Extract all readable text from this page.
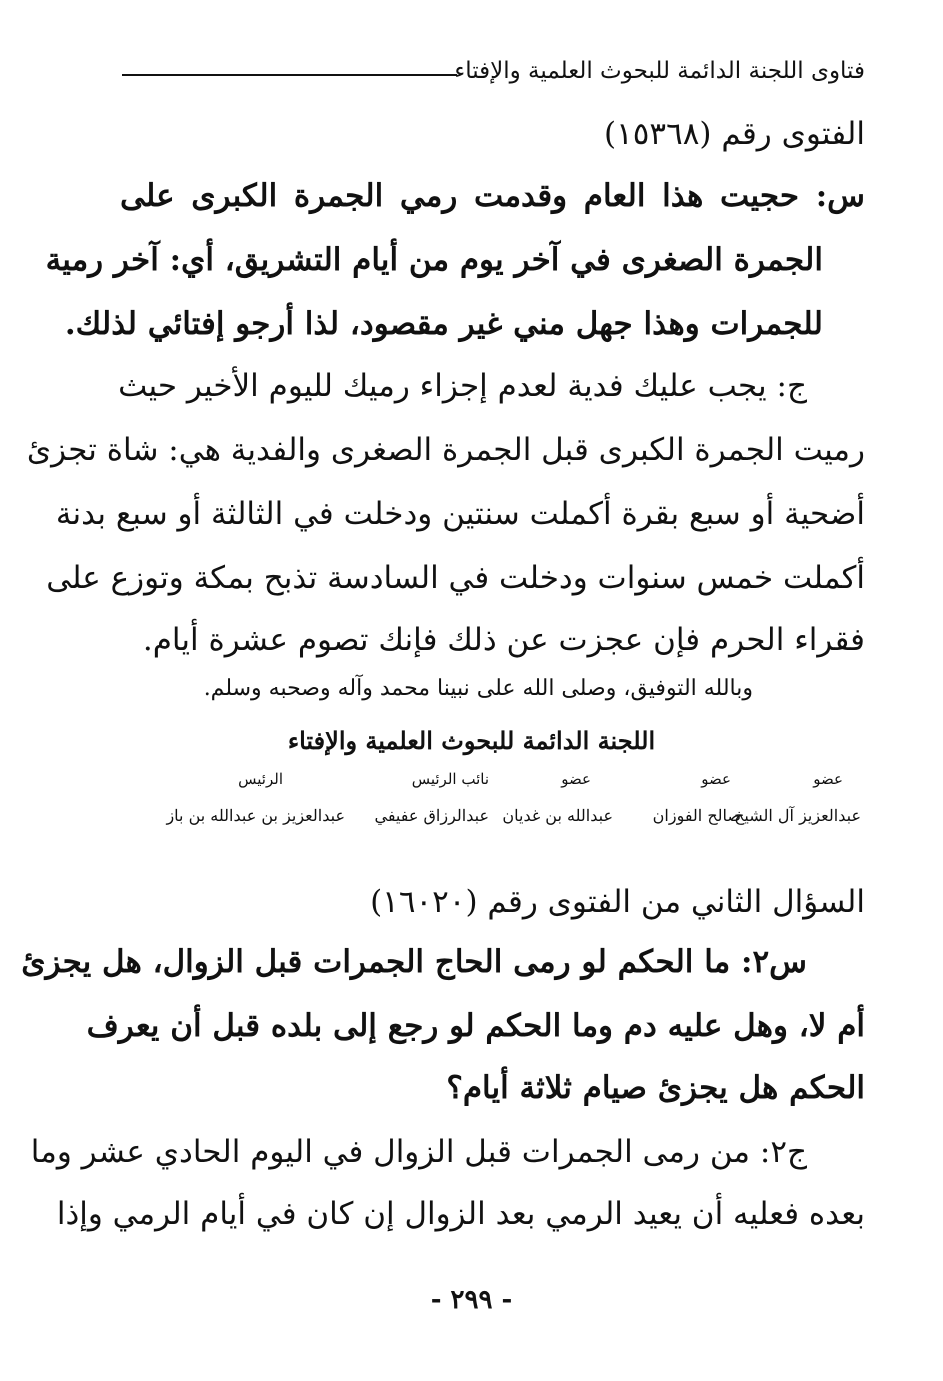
فتاوى اللجنة الدائمة للبحوث العلمية والإفتاء
الفتوى رقم (١٥٣٦٨)
س: حجيت هذا العام وقدمت رمي الجمرة الكبرى على
الجمرة الصغرى في آخر يوم من أيام التشريق، أي: آخر رمية
للجمرات وهذا جهل مني غير مقصود، لذا أرجو إفتائي لذلك.
ج: يجب عليك فدية لعدم إجزاء رميك لليوم الأخير حيث
رميت الجمرة الكبرى قبل الجمرة الصغرى والفدية هي: شاة تجزئ
أضحية أو سبع بقرة أكملت سنتين ودخلت في الثالثة أو سبع بدنة
أكملت خمس سنوات ودخلت في السادسة تذبح بمكة وتوزع على
فقراء الحرم فإن عجزت عن ذلك فإنك تصوم عشرة أيام.
وبالله التوفيق، وصلى الله على نبينا محمد وآله وصحبه وسلم.
اللجنة الدائمة للبحوث العلمية والإفتاء
عضو
عضو
عضو
نائب الرئيس
الرئيس
عبدالعزيز آل الشيخ
صالح الفوزان
عبدالله بن غديان
عبدالرزاق عفيفي
عبدالعزيز بن عبدالله بن باز
السؤال الثاني من الفتوى رقم (١٦٠٢٠)
س٢: ما الحكم لو رمى الحاج الجمرات قبل الزوال، هل يجزئ
أم لا، وهل عليه دم وما الحكم لو رجع إلى بلده قبل أن يعرف
الحكم هل يجزئ صيام ثلاثة أيام؟
ج٢: من رمى الجمرات قبل الزوال في اليوم الحادي عشر وما
بعده فعليه أن يعيد الرمي بعد الزوال إن كان في أيام الرمي وإذا
- ٢٩٩ -
